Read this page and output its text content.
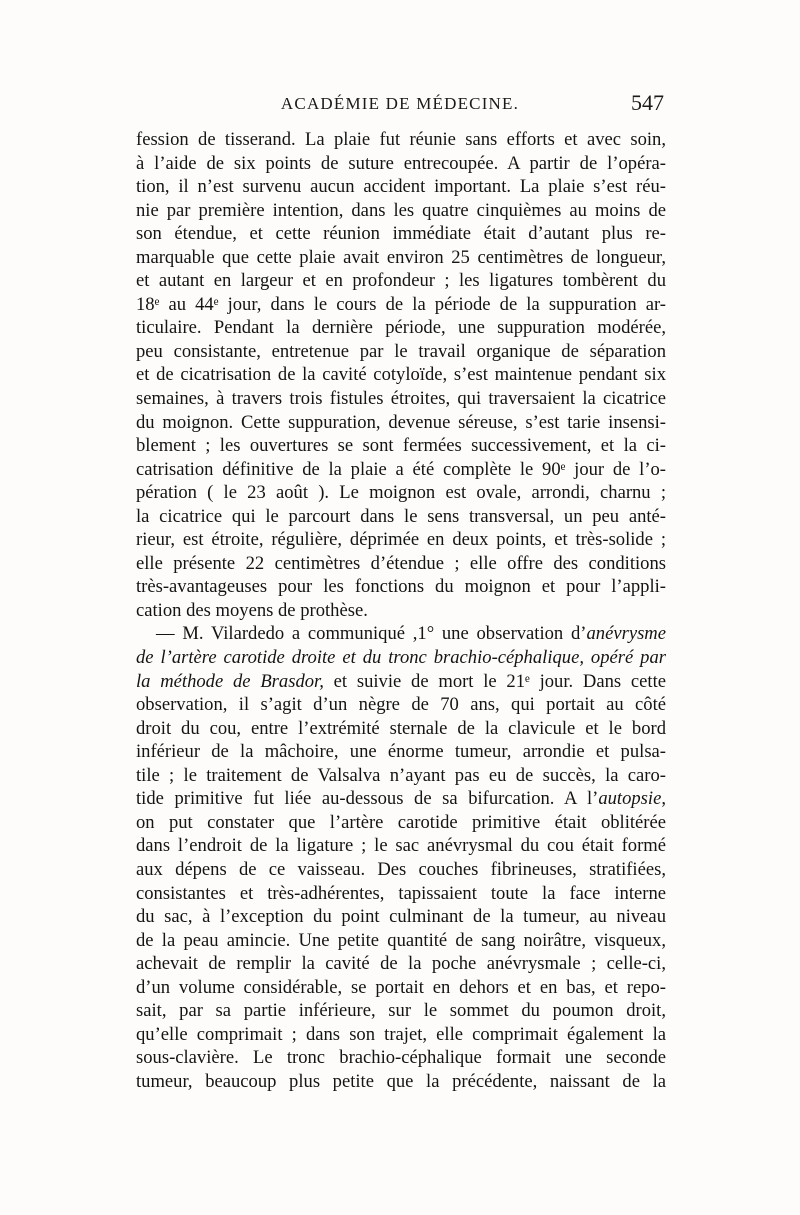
ACADÉMIE DE MÉDECINE.	547
fession de tisserand. La plaie fut réunie sans efforts et avec soin,
à l’aide de six points de suture entrecoupée. A partir de l’opéra-
tion, il n’est survenu aucun accident important. La plaie s’est réu-
nie par première intention, dans les quatre cinquièmes au moins de
son étendue, et cette réunion immédiate était d’autant plus re-
marquable que cette plaie avait environ 25 centimètres de longueur,
et autant en largeur et en profondeur ; les ligatures tombèrent du
18ᵉ au 44ᵉ jour, dans le cours de la période de la suppuration ar-
ticulaire. Pendant la dernière période, une suppuration modérée,
peu consistante, entretenue par le travail organique de séparation
et de cicatrisation de la cavité cotyloïde, s’est maintenue pendant six
semaines, à travers trois fistules étroites, qui traversaient la cicatrice
du moignon. Cette suppuration, devenue séreuse, s’est tarie insensi-
blement ; les ouvertures se sont fermées successivement, et la ci-
catrisation définitive de la plaie a été complète le 90ᵉ jour de l’o-
pération ( le 23 août ). Le moignon est ovale, arrondi, charnu ;
la cicatrice qui le parcourt dans le sens transversal, un peu anté-
rieur, est étroite, régulière, déprimée en deux points, et très-solide ;
elle présente 22 centimètres d’étendue ; elle offre des conditions
très-avantageuses pour les fonctions du moignon et pour l’appli-
cation des moyens de prothèse.
— M. Vilardedo a communiqué ,1° une observation d’anévrysme
de l’artère carotide droite et du tronc brachio-céphalique, opéré par
la méthode de Brasdor, et suivie de mort le 21ᵉ jour. Dans cette
observation, il s’agit d’un nègre de 70 ans, qui portait au côté
droit du cou, entre l’extrémité sternale de la clavicule et le bord
inférieur de la mâchoire, une énorme tumeur, arrondie et pulsa-
tile ; le traitement de Valsalva n’ayant pas eu de succès, la caro-
tide primitive fut liée au-dessous de sa bifurcation. A l’autopsie,
on put constater que l’artère carotide primitive était oblitérée
dans l’endroit de la ligature ; le sac anévrysmal du cou était formé
aux dépens de ce vaisseau. Des couches fibrineuses, stratifiées,
consistantes et très-adhérentes, tapissaient toute la face interne
du sac, à l’exception du point culminant de la tumeur, au niveau
de la peau amincie. Une petite quantité de sang noirâtre, visqueux,
achevait de remplir la cavité de la poche anévrysmale ; celle-ci,
d’un volume considérable, se portait en dehors et en bas, et repo-
sait, par sa partie inférieure, sur le sommet du poumon droit,
qu’elle comprimait ; dans son trajet, elle comprimait également la
sous-clavière. Le tronc brachio-céphalique formait une seconde
tumeur, beaucoup plus petite que la précédente, naissant de la
